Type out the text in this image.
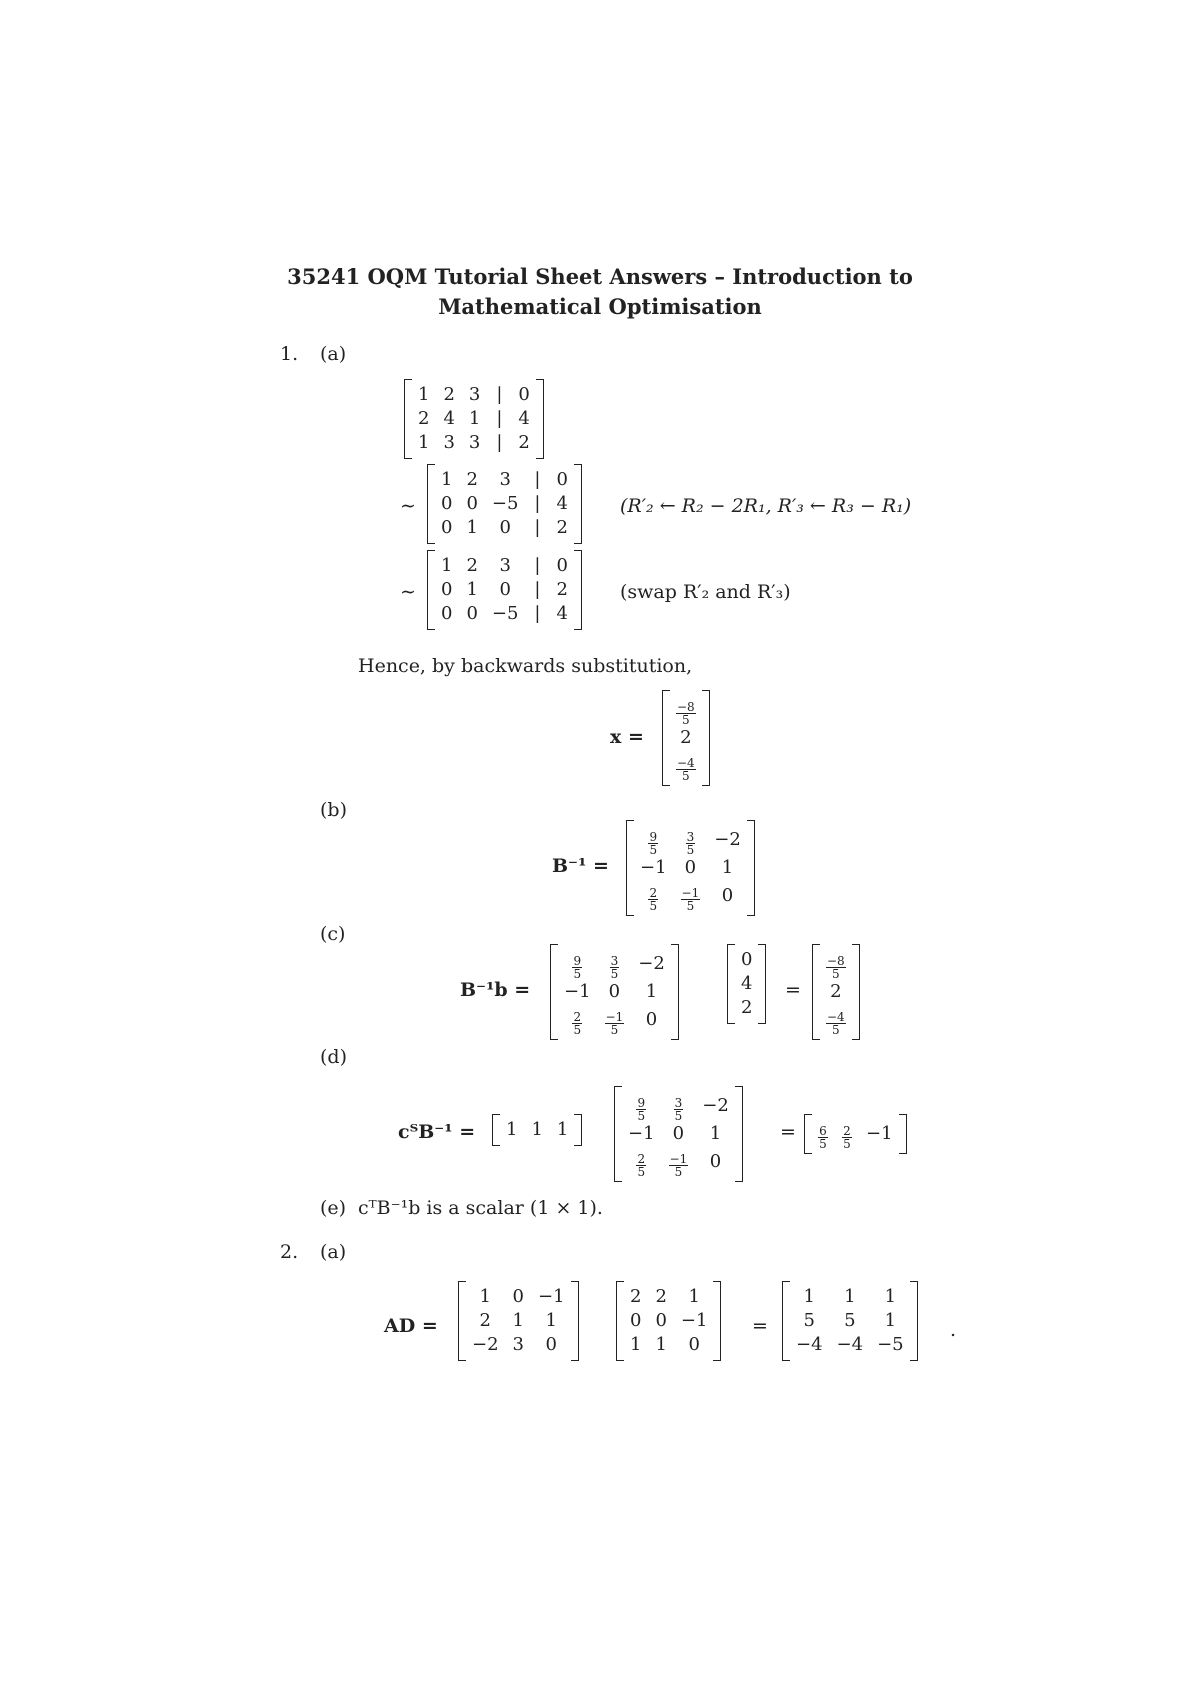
35241 OQM Tutorial Sheet Answers – Introduction to
Mathematical Optimisation
1. (a)
1 2 3 | 0
2 4 1 | 4
1 3 3 | 2
∼
1 2 3 | 0
0 0 −5 | 4
0 1 0 | 2
(R′₂ ← R₂ − 2R₁, R′₃ ← R₃ − R₁)
∼
1 2 3 | 0
0 1 0 | 2
0 0 −5 | 4
(swap R′₂ and R′₃)
Hence, by backwards substitution,
x =
$\frac{-8}{5}$
2
$\frac{-4}{5}$
(b)
B⁻¹ =
$\frac{9}{5} \frac{3}{5} -2$
−1 0 1
$\frac{2}{5} \frac{-1}{5} 0$
(c)
B⁻¹b =
$\frac{9}{5} \frac{3}{5} -2$
−1 0 1
$\frac{2}{5} \frac{-1}{5} 0$
0
4
2
=
$\frac{-8}{5}$
2
$\frac{-4}{5}$
(d)
cᵀB⁻¹ = 1 1 1
$\frac{9}{5} \frac{3}{5} -2$
−1 0 1
$\frac{2}{5} \frac{-1}{5} 0$
= $\frac{6}{5} \frac{2}{5} -1$
(e) cᵀB⁻¹b is a scalar (1 × 1).
2. (a)
AD =
1 0 −1
2 1 1
−2 3 0
2 2 1
0 0 −1
1 1 0
=
1 1 1
5 5 1
−4 −4 −5
.
